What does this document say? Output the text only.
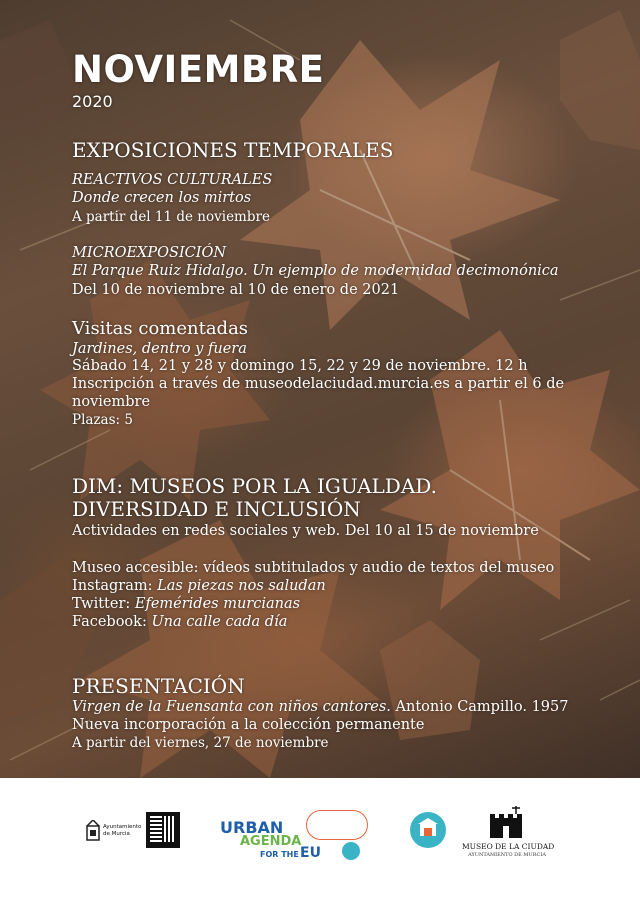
NOVIEMBRE
2020
EXPOSICIONES TEMPORALES
REACTIVOS CULTURALES
Donde crecen los mirtos
A partir del 11 de noviembre
MICROEXPOSICIÓN
El Parque Ruiz Hidalgo. Un ejemplo de modernidad decimonónica
Del 10 de noviembre al 10 de enero de 2021
Visitas comentadas
Jardines, dentro y fuera
Sábado 14, 21 y 28 y domingo 15, 22 y 29 de noviembre. 12 h
Inscripción a través de museodelaciudad.murcia.es a partir el 6 de
noviembre
Plazas: 5
DIM: MUSEOS POR LA IGUALDAD.
DIVERSIDAD E INCLUSIÓN
Actividades en redes sociales y web. Del 10 al 15 de noviembre
Museo accesible: vídeos subtitulados y audio de textos del museo
Instagram: Las piezas nos saludan
Twitter: Efemérides murcianas
Facebook: Una calle cada día
PRESENTACIÓN
Virgen de la Fuensanta con niños cantores. Antonio Campillo. 1957
Nueva incorporación a la colección permanente
A partir del viernes, 27 de noviembre
Ayuntamiento de Murcia	URBAN
AGENDA
FOR THE EU	MUSEO DE LA CIUDAD
AYUNTAMIENTO DE MURCIA
